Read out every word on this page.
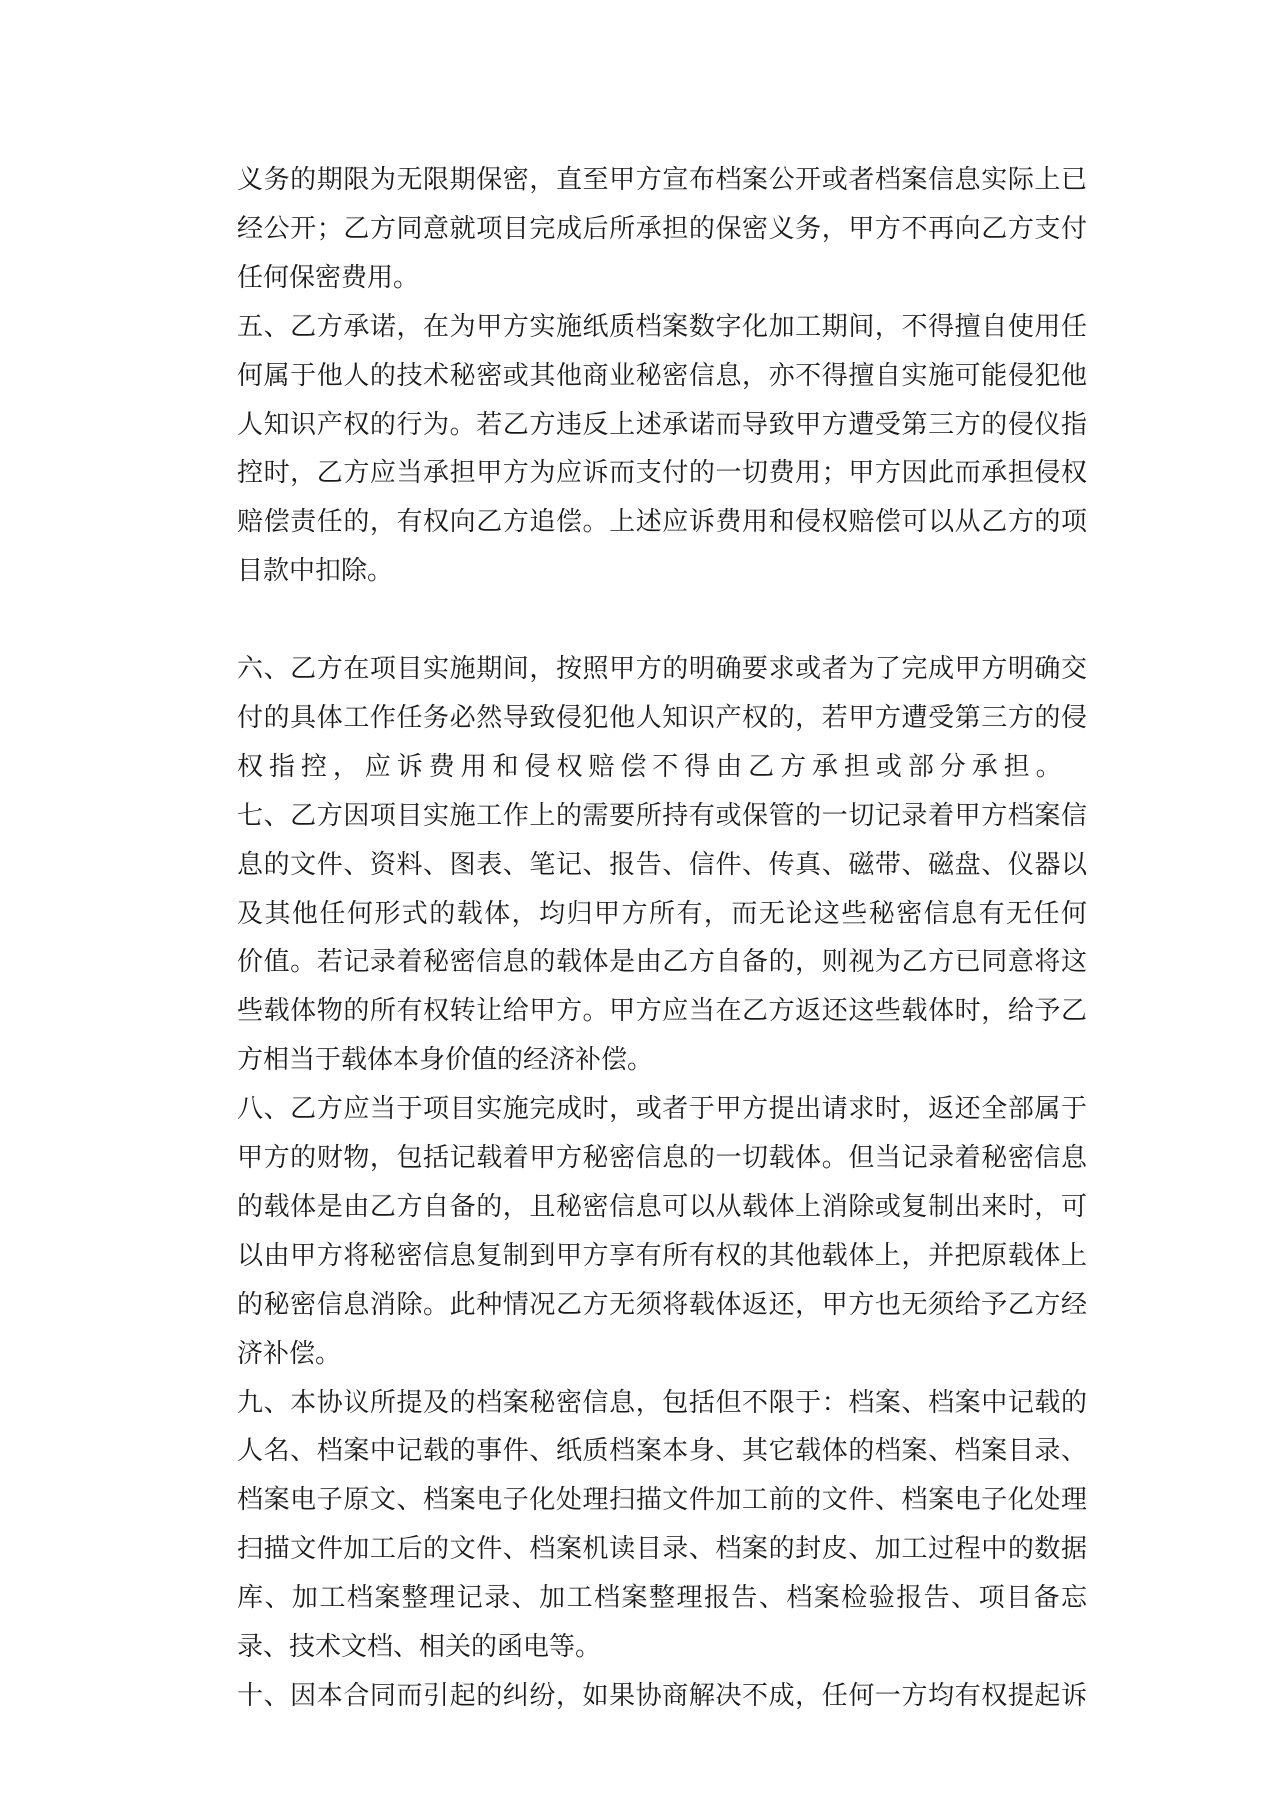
义务的期限为无限期保密，直至甲方宣布档案公开或者档案信息实际上已
经公开；乙方同意就项目完成后所承担的保密义务，甲方不再向乙方支付
任何保密费用。
五、乙方承诺，在为甲方实施纸质档案数字化加工期间，不得擅自使用任
何属于他人的技术秘密或其他商业秘密信息，亦不得擅自实施可能侵犯他
人知识产权的行为。若乙方违反上述承诺而导致甲方遭受第三方的侵仪指
控时，乙方应当承担甲方为应诉而支付的一切费用；甲方因此而承担侵权
赔偿责任的，有权向乙方追偿。上述应诉费用和侵权赔偿可以从乙方的项
目款中扣除。
六、乙方在项目实施期间，按照甲方的明确要求或者为了完成甲方明确交
付的具体工作任务必然导致侵犯他人知识产权的，若甲方遭受第三方的侵
权指控，应诉费用和侵权赔偿不得由乙方承担或部分承担。
七、乙方因项目实施工作上的需要所持有或保管的一切记录着甲方档案信
息的文件、资料、图表、笔记、报告、信件、传真、磁带、磁盘、仪器以
及其他任何形式的载体，均归甲方所有，而无论这些秘密信息有无任何
价值。若记录着秘密信息的载体是由乙方自备的，则视为乙方已同意将这
些载体物的所有权转让给甲方。甲方应当在乙方返还这些载体时，给予乙
方相当于载体本身价值的经济补偿。
八、乙方应当于项目实施完成时，或者于甲方提出请求时，返还全部属于
甲方的财物，包括记载着甲方秘密信息的一切载体。但当记录着秘密信息
的载体是由乙方自备的，且秘密信息可以从载体上消除或复制出来时，可
以由甲方将秘密信息复制到甲方享有所有权的其他载体上，并把原载体上
的秘密信息消除。此种情况乙方无须将载体返还，甲方也无须给予乙方经
济补偿。
九、本协议所提及的档案秘密信息，包括但不限于：档案、档案中记载的
人名、档案中记载的事件、纸质档案本身、其它载体的档案、档案目录、
档案电子原文、档案电子化处理扫描文件加工前的文件、档案电子化处理
扫描文件加工后的文件、档案机读目录、档案的封皮、加工过程中的数据
库、加工档案整理记录、加工档案整理报告、档案检验报告、项目备忘
录、技术文档、相关的函电等。
十、因本合同而引起的纠纷，如果协商解决不成，任何一方均有权提起诉
